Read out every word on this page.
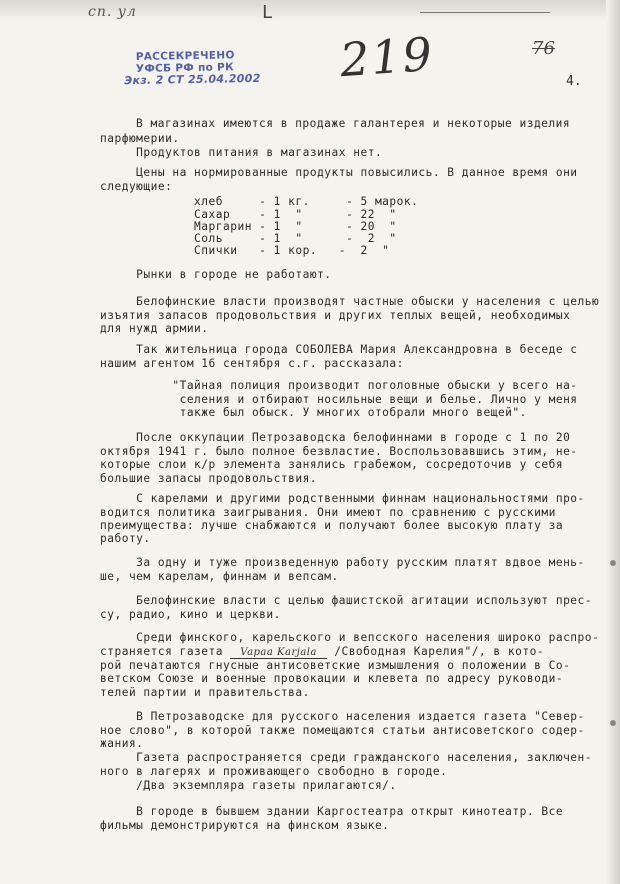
сп. ул	L
РАССЕКРЕЧЕНО
УФСБ РФ по РК
Экз. 2 СТ 25.04.2002 219	76
4.
В магазинах имеются в продаже галантерея и некоторые изделия
парфюмерии.
Продуктов питания в магазинах нет.
Цены на нормированные продукты повысились. В данное время они
следующие:
хлеб     - 1 кг.     - 5 марок.
Сахар    - 1  "      - 22  "
Маргарин - 1  "      - 20  "
Соль     - 1  "      -  2  "
Спички   - 1 кор.   -  2  "
Рынки в городе не работают.
Белофинские власти производят частные обыски у населения с целью
изъятия запасов продовольствия и других теплых вещей, необходимых
для нужд армии.
Так жительница города СОБОЛЕВА Мария Александровна в беседе с
нашим агентом 16 сентября с.г. рассказала:
"Тайная полиция производит поголовные обыски у всего на-
селения и отбирают носильные вещи и белье. Лично у меня
также был обыск. У многих отобрали много вещей".
После оккупации Петрозаводска белофиннами в городе с 1 по 20
октября 1941 г. было полное безвластие. Воспользовавшись этим, не-
которые слои к/р элемента занялись грабежом, сосредоточив у себя
большие запасы продовольствия.
С карелами и другими родственными финнам национальностями про-
водится политика заигрывания. Они имеют по сравнению с русскими
преимущества: лучше снабжаются и получают более высокую плату за
работу.
За одну и туже произведенную работу русским платят вдвое мень-
ше, чем карелам, финнам и вепсам.
Белофинские власти с целью фашистской агитации используют прес-
су, радио, кино и церкви.
Среди финского, карельского и вепсского населения широко распро-
страняется газета Vapaa Karjala /Свободная Карелия"/, в кото-
рой печатаются гнусные антисоветские измышления о положении в Со-
ветском Союзе и военные провокации и клевета по адресу руководи-
телей партии и правительства.
В Петрозаводске для русского населения издается газета "Север-
ное слово", в которой также помещаются статьи антисоветского содер-
жания.
Газета распространяется среди гражданского населения, заключен-
ного в лагерях и проживающего свободно в городе.
/Два экземпляра газеты прилагаются/.
В городе в бывшем здании Каргостеатра открыт кинотеатр. Все
фильмы демонстрируются на финском языке.
